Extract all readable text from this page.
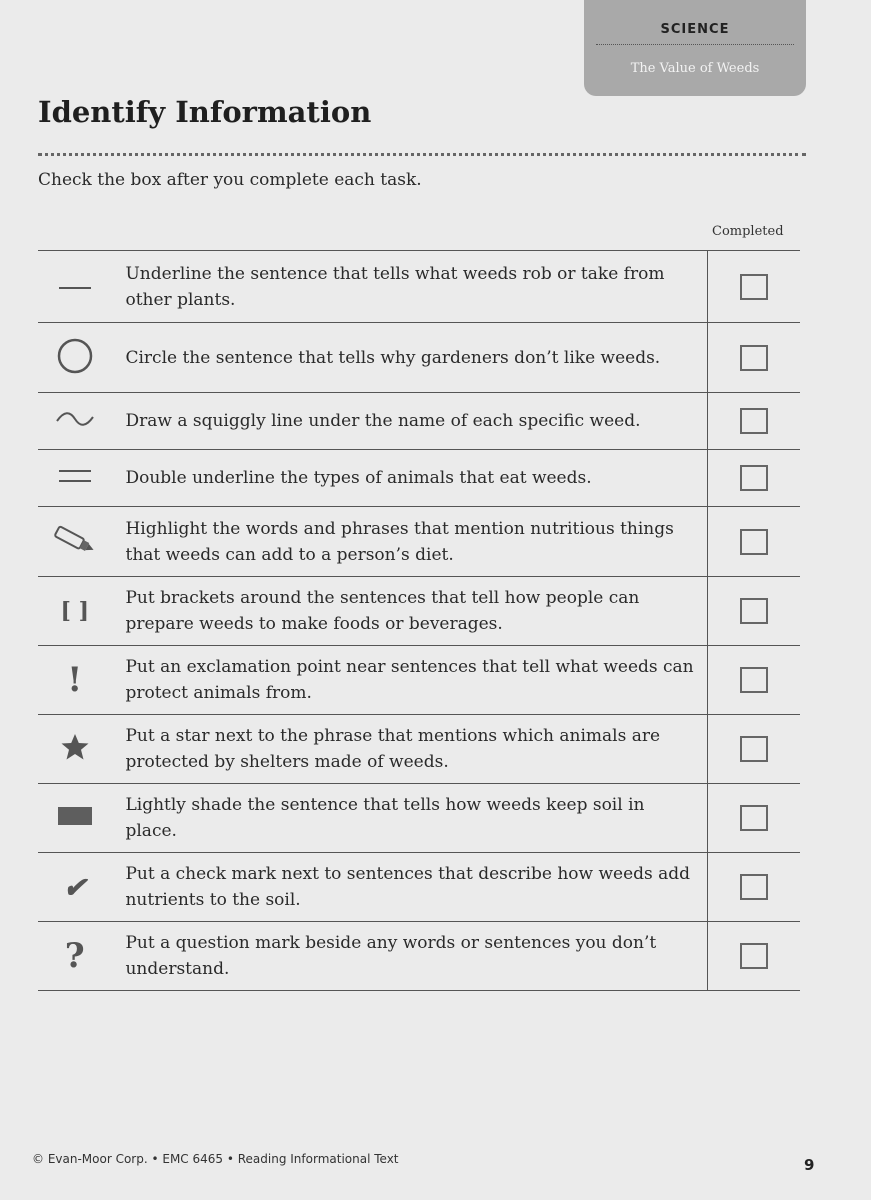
SCIENCE
The Value of Weeds
Identify Information
Check the box after you complete each task.
Completed
	Underline the sentence that tells what weeds rob or take from other plants.	
	Circle the sentence that tells why gardeners don’t like weeds.	
	Draw a squiggly line under the name of each specific weed.	
	Double underline the types of animals that eat weeds.	
	Highlight the words and phrases that mention nutritious things that weeds can add to a person’s diet.	
[ ]	Put brackets around the sentences that tell how people can prepare weeds to make foods or beverages.	
!	Put an exclamation point near sentences that tell what weeds can protect animals from.	
	Put a star next to the phrase that mentions which animals are protected by shelters made of weeds.	
	Lightly shade the sentence that tells how weeds keep soil in place.	
✔	Put a check mark next to sentences that describe how weeds add nutrients to the soil.	
?	Put a question mark beside any words or sentences you don’t understand.	
© Evan-Moor Corp. • EMC 6465 • Reading Informational Text	9
